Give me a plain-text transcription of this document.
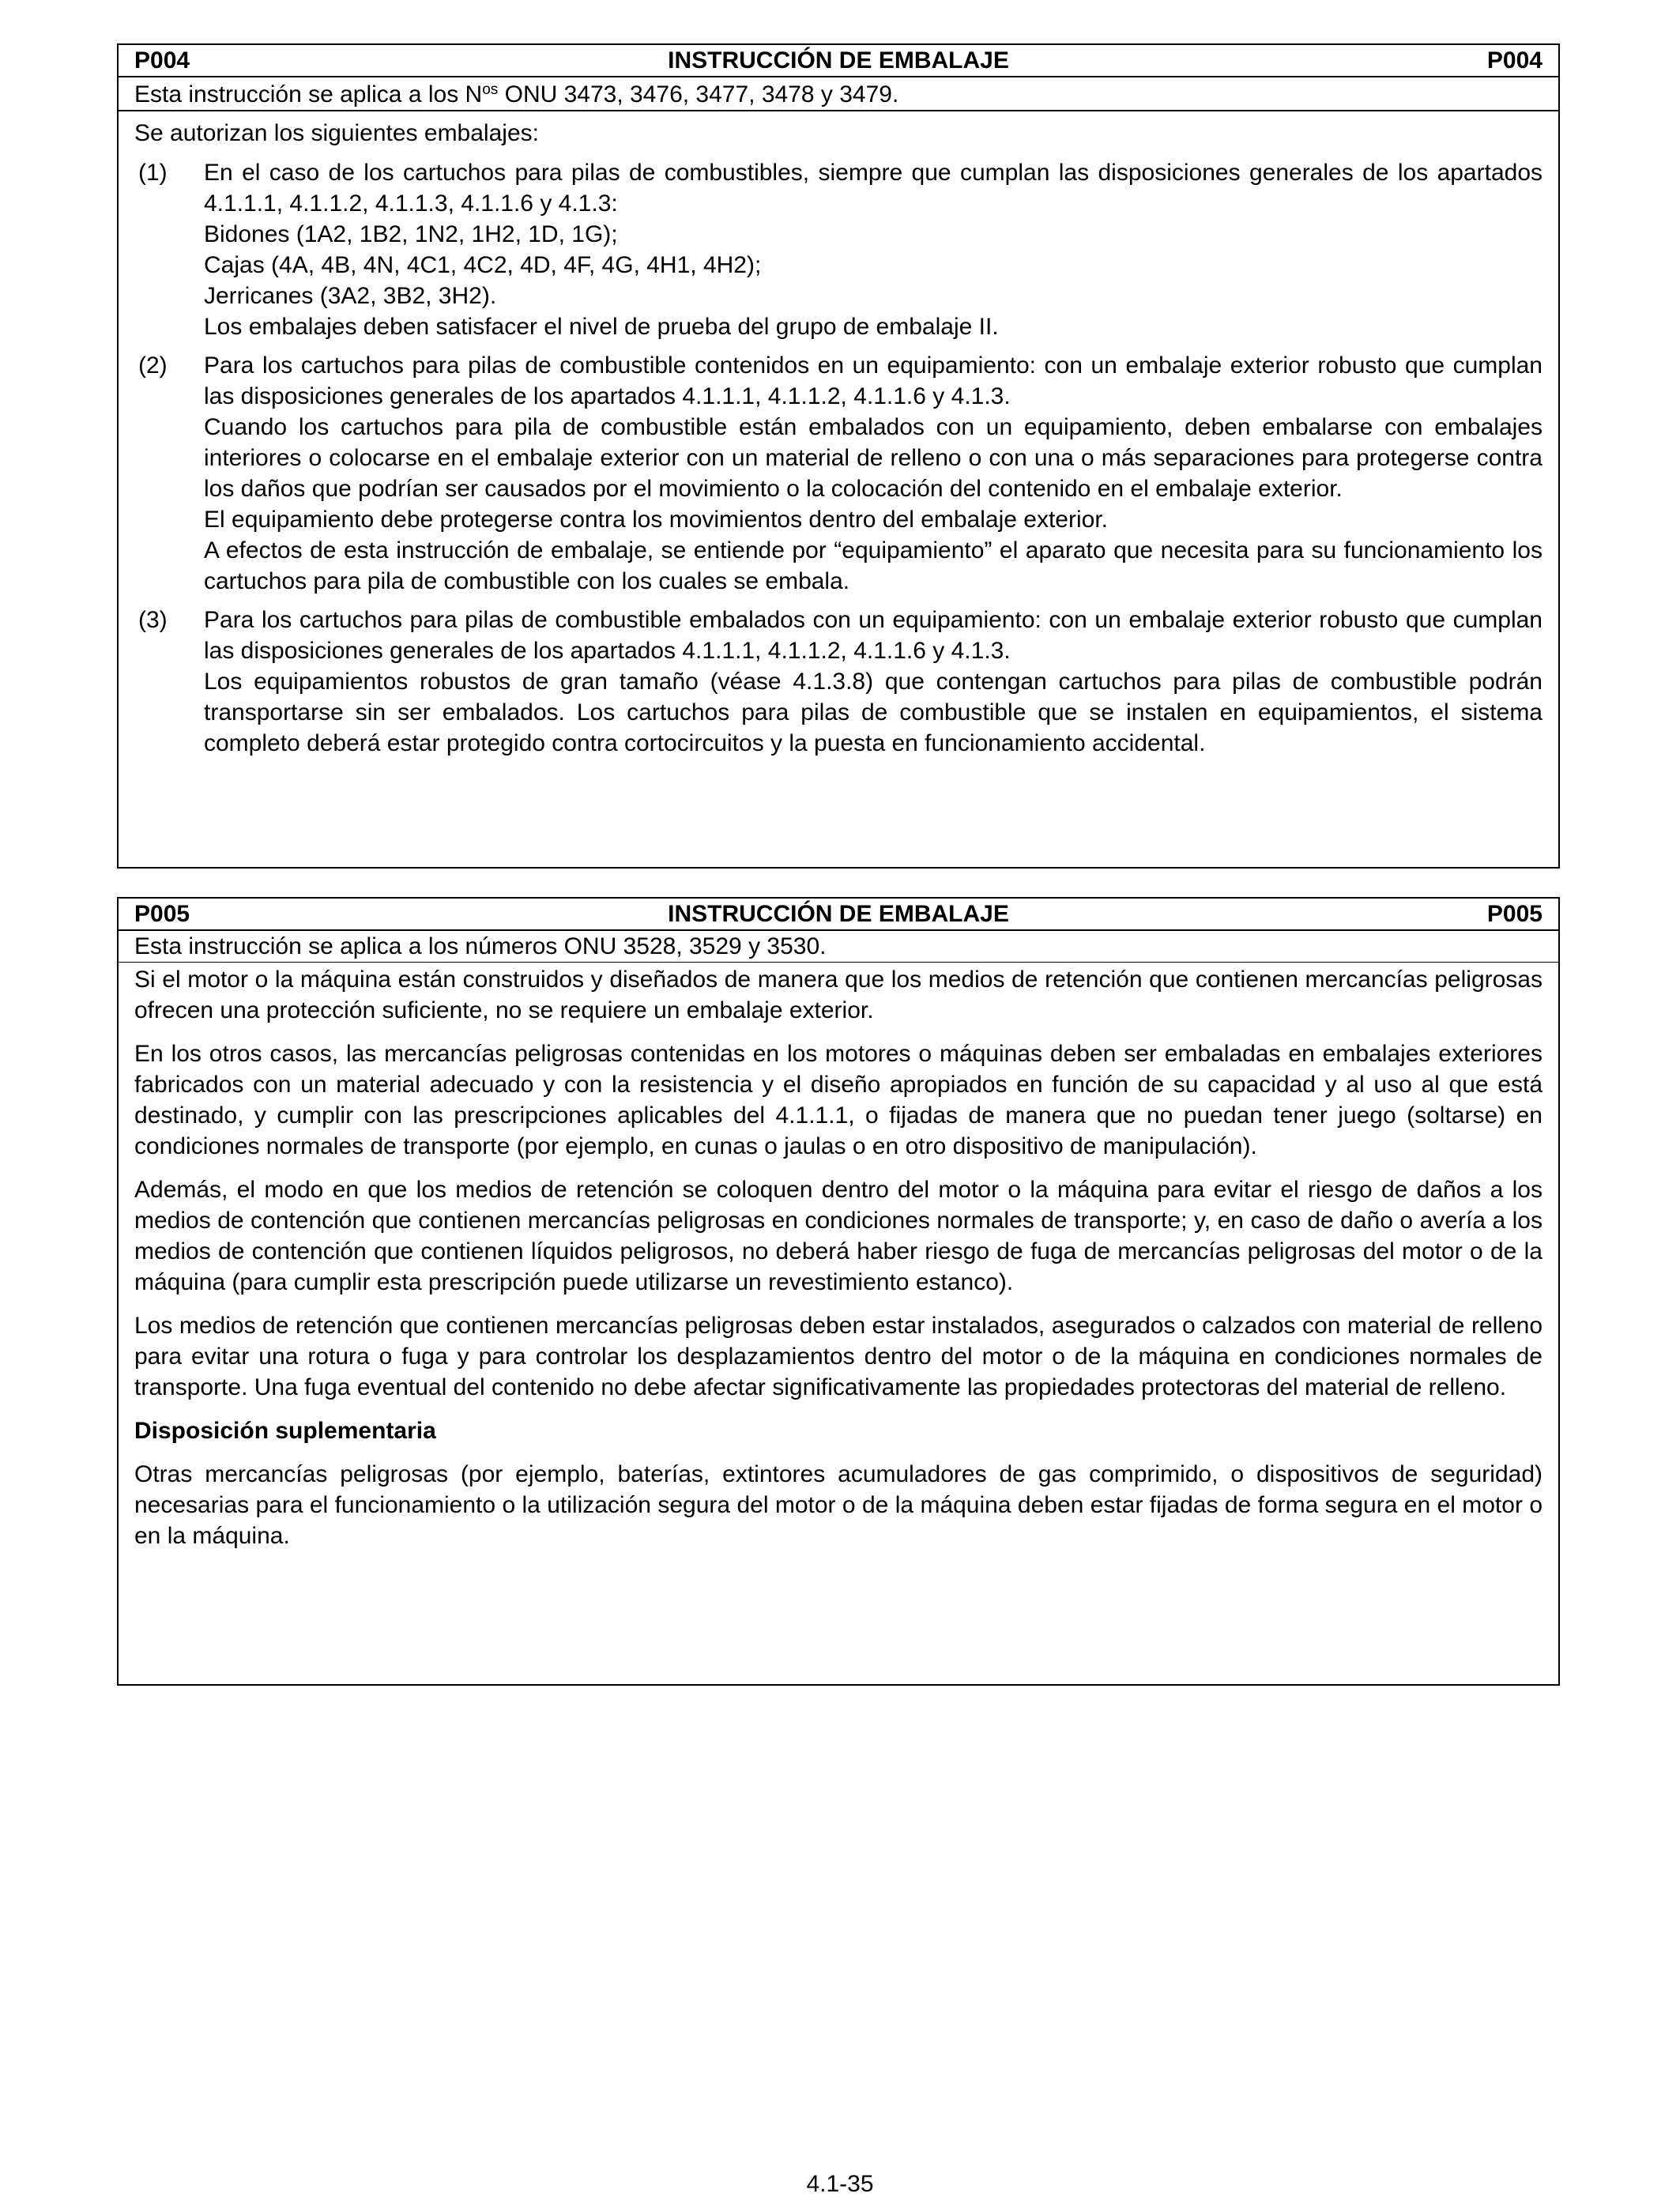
P004	INSTRUCCIÓN DE EMBALAJE	P004
Esta instrucción se aplica a los $N^{os}$ ONU 3473, 3476, 3477, 3478 y 3479.

Se autorizan los siguientes embalajes:

(1) En el caso de los cartuchos para pilas de combustibles, siempre que cumplan las disposiciones generales de los apartados 4.1.1.1, 4.1.1.2, 4.1.1.3, 4.1.1.6 y 4.1.3:
Bidones (1A2, 1B2, 1N2, 1H2, 1D, 1G);
Cajas (4A, 4B, 4N, 4C1, 4C2, 4D, 4F, 4G, 4H1, 4H2);
Jerricanes (3A2, 3B2, 3H2).
Los embalajes deben satisfacer el nivel de prueba del grupo de embalaje II.
(2) Para los cartuchos para pilas de combustible contenidos en un equipamiento: con un embalaje exterior robusto que cumplan las disposiciones generales de los apartados 4.1.1.1, 4.1.1.2, 4.1.1.6 y 4.1.3.
Cuando los cartuchos para pila de combustible están embalados con un equipamiento, deben embalarse con embalajes interiores o colocarse en el embalaje exterior con un material de relleno o con una o más separaciones para protegerse contra los daños que podrían ser causados por el movimiento o la colocación del contenido en el embalaje exterior.
El equipamiento debe protegerse contra los movimientos dentro del embalaje exterior.
A efectos de esta instrucción de embalaje, se entiende por “equipamiento” el aparato que necesita para su funcionamiento los cartuchos para pila de combustible con los cuales se embala.
(3) Para los cartuchos para pilas de combustible embalados con un equipamiento: con un embalaje exterior robusto que cumplan las disposiciones generales de los apartados 4.1.1.1, 4.1.1.2, 4.1.1.6 y 4.1.3.
Los equipamientos robustos de gran tamaño (véase 4.1.3.8) que contengan cartuchos para pilas de combustible podrán transportarse sin ser embalados. Los cartuchos para pilas de combustible que se instalen en equipamientos, el sistema completo deberá estar protegido contra cortocircuitos y la puesta en funcionamiento accidental.
P005	INSTRUCCIÓN DE EMBALAJE	P005
Esta instrucción se aplica a los números ONU 3528, 3529 y 3530.

Si el motor o la máquina están construidos y diseñados de manera que los medios de retención que contienen mercancías peligrosas ofrecen una protección suficiente, no se requiere un embalaje exterior.

En los otros casos, las mercancías peligrosas contenidas en los motores o máquinas deben ser embaladas en embalajes exteriores fabricados con un material adecuado y con la resistencia y el diseño apropiados en función de su capacidad y al uso al que está destinado, y cumplir con las prescripciones aplicables del 4.1.1.1, o fijadas de manera que no puedan tener juego (soltarse) en condiciones normales de transporte (por ejemplo, en cunas o jaulas o en otro dispositivo de manipulación).

Además, el modo en que los medios de retención se coloquen dentro del motor o la máquina para evitar el riesgo de daños a los medios de contención que contienen mercancías peligrosas en condiciones normales de transporte; y, en caso de daño o avería a los medios de contención que contienen líquidos peligrosos, no deberá haber riesgo de fuga de mercancías peligrosas del motor o de la máquina (para cumplir esta prescripción puede utilizarse un revestimiento estanco).

Los medios de retención que contienen mercancías peligrosas deben estar instalados, asegurados o calzados con material de relleno para evitar una rotura o fuga y para controlar los desplazamientos dentro del motor o de la máquina en condiciones normales de transporte. Una fuga eventual del contenido no debe afectar significativamente las propiedades protectoras del material de relleno.

Disposición suplementaria

Otras mercancías peligrosas (por ejemplo, baterías, extintores acumuladores de gas comprimido, o dispositivos de seguridad) necesarias para el funcionamiento o la utilización segura del motor o de la máquina deben estar fijadas de forma segura en el motor o en la máquina.

4.1-35
